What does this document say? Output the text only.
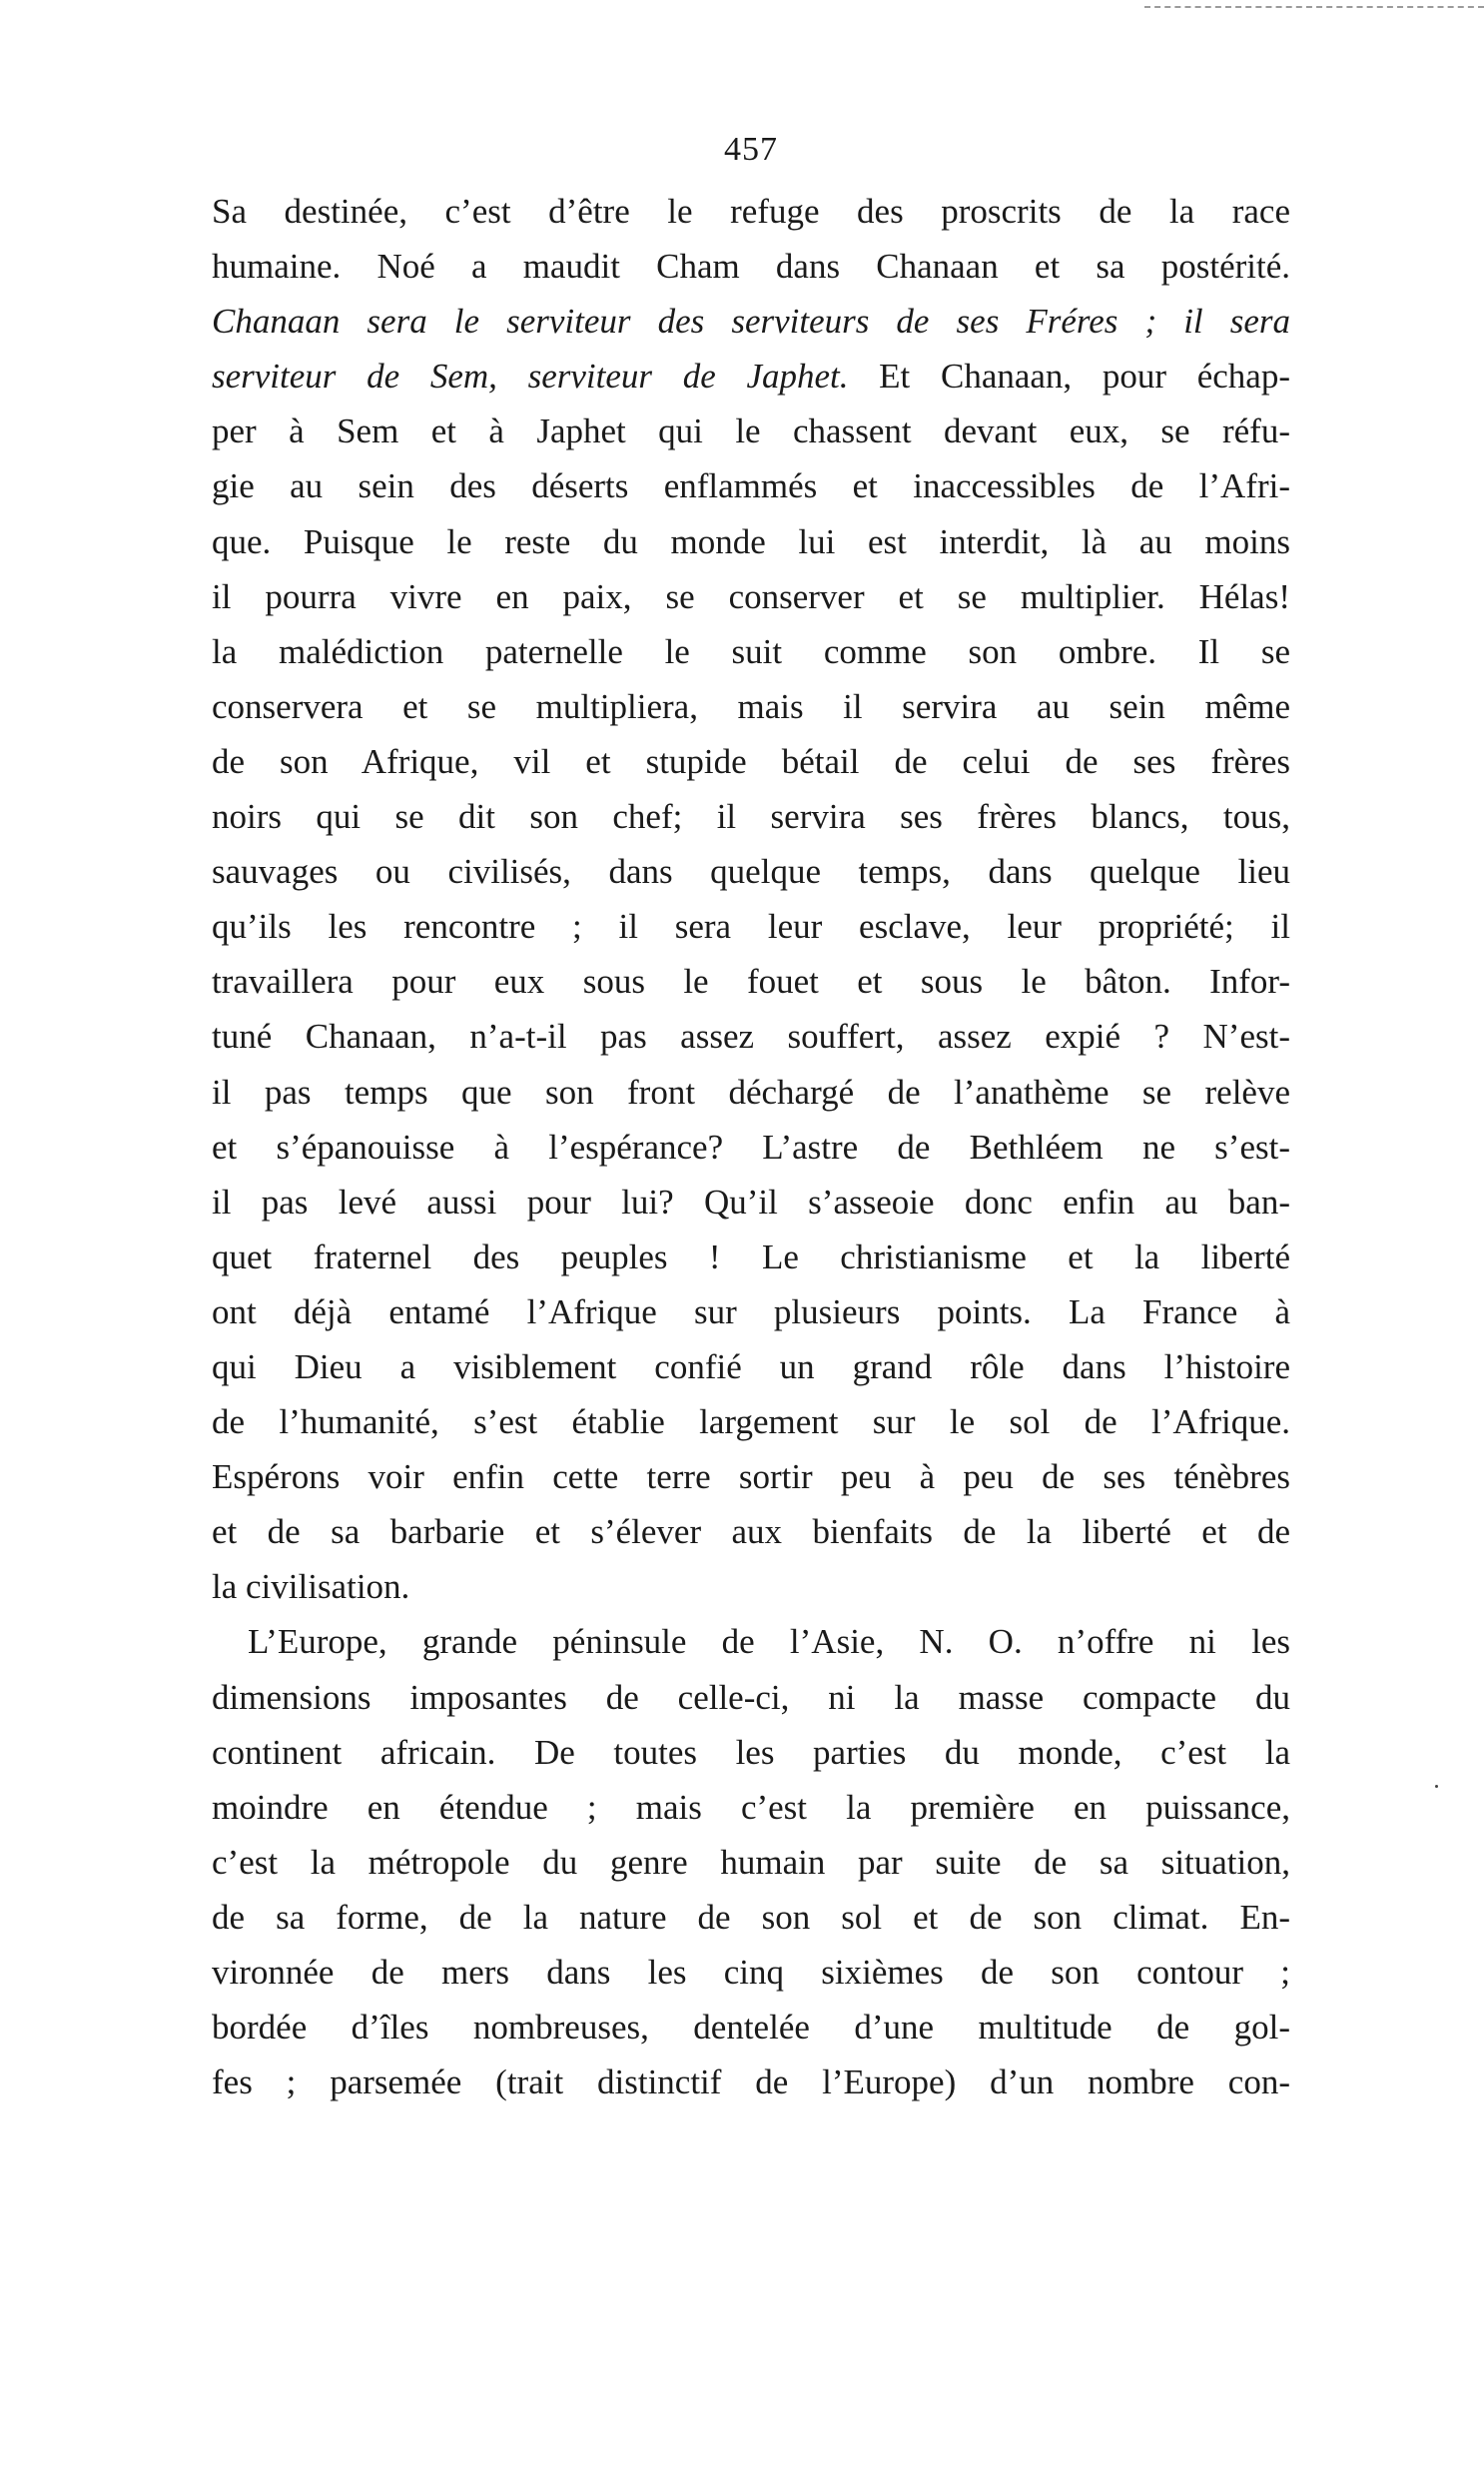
457
Sa destinée, c’est d’être le refuge des proscrits de la race
humaine. Noé a maudit Cham dans Chanaan et sa postérité.
Chanaan sera le serviteur des serviteurs de ses Fréres ; il sera
serviteur de Sem, serviteur de Japhet. Et Chanaan, pour échap-
per à Sem et à Japhet qui le chassent devant eux, se réfu-
gie au sein des déserts enflammés et inaccessibles de l’Afri-
que. Puisque le reste du monde lui est interdit, là au moins
il pourra vivre en paix, se conserver et se multiplier. Hélas!
la malédiction paternelle le suit comme son ombre. Il se
conservera et se multipliera, mais il servira au sein même
de son Afrique, vil et stupide bétail de celui de ses frères
noirs qui se dit son chef; il servira ses frères blancs, tous,
sauvages ou civilisés, dans quelque temps, dans quelque lieu
qu’ils les rencontre ; il sera leur esclave, leur propriété; il
travaillera pour eux sous le fouet et sous le bâton. Infor-
tuné Chanaan, n’a-t-il pas assez souffert, assez expié ? N’est-
il pas temps que son front déchargé de l’anathème se relève
et s’épanouisse à l’espérance? L’astre de Bethléem ne s’est-
il pas levé aussi pour lui? Qu’il s’asseoie donc enfin au ban-
quet fraternel des peuples ! Le christianisme et la liberté
ont déjà entamé l’Afrique sur plusieurs points. La France à
qui Dieu a visiblement confié un grand rôle dans l’histoire
de l’humanité, s’est établie largement sur le sol de l’Afrique.
Espérons voir enfin cette terre sortir peu à peu de ses ténèbres
et de sa barbarie et s’élever aux bienfaits de la liberté et de
la civilisation.
L’Europe, grande péninsule de l’Asie, N. O. n’offre ni les
dimensions imposantes de celle-ci, ni la masse compacte du
continent africain. De toutes les parties du monde, c’est la
moindre en étendue ; mais c’est la première en puissance,
c’est la métropole du genre humain par suite de sa situation,
de sa forme, de la nature de son sol et de son climat. En-
vironnée de mers dans les cinq sixièmes de son contour ;
bordée d’îles nombreuses, dentelée d’une multitude de gol-
fes ; parsemée (trait distinctif de l’Europe) d’un nombre con-
